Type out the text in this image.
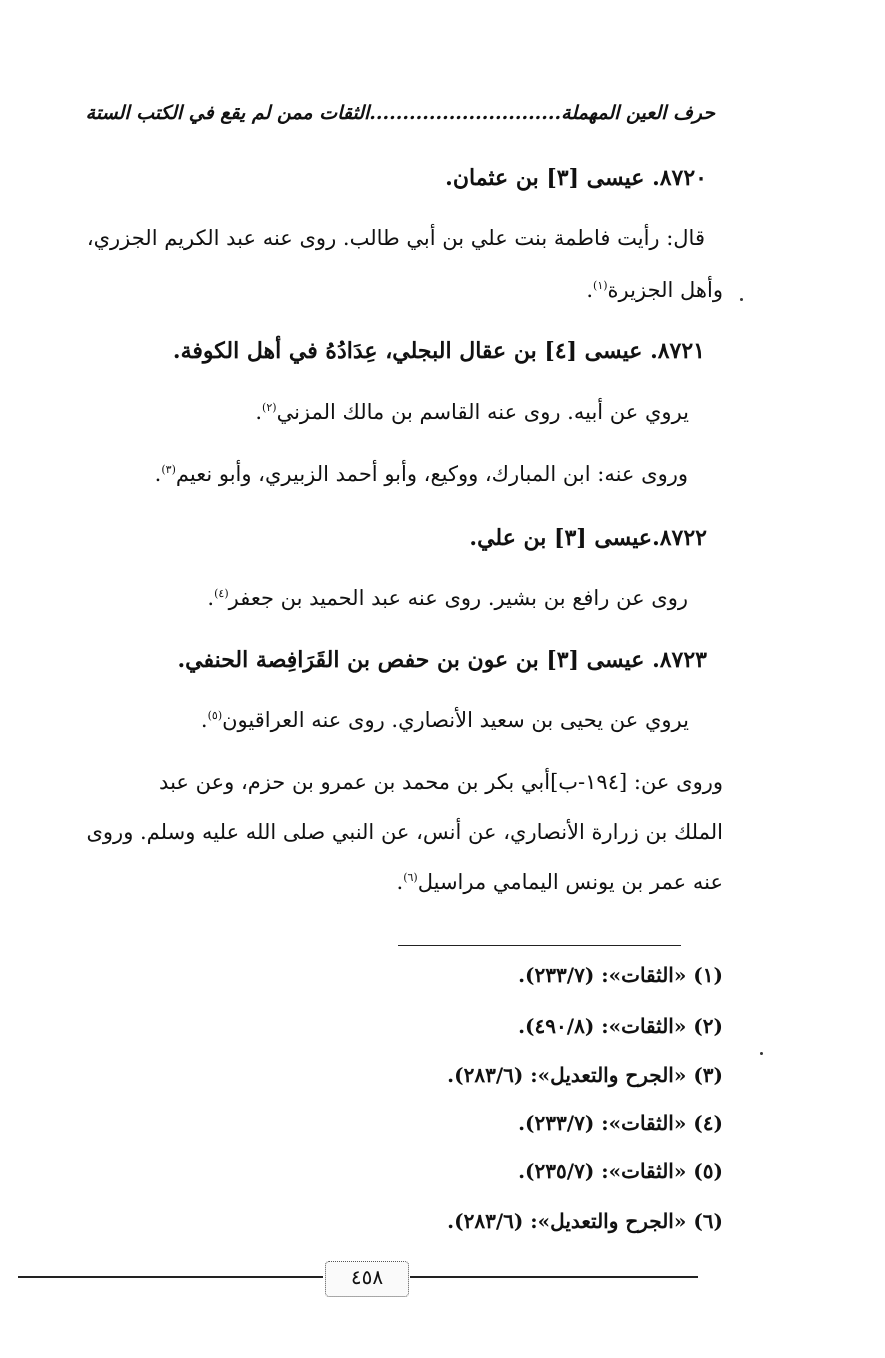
حرف العين المهملة.............................الثقات ممن لم يقع في الكتب الستة
٨٧٢٠. عيسى [٣] بن عثمان.
قال: رأيت فاطمة بنت علي بن أبي طالب. روى عنه عبد الكريم الجزري،
وأهل الجزيرة$^{(١)}$.
٨٧٢١. عيسى [٤] بن عقال البجلي، عِدَادُهُ في أهل الكوفة.
يروي عن أبيه. روى عنه القاسم بن مالك المزني$^{(٢)}$.
وروى عنه: ابن المبارك، ووكيع، وأبو أحمد الزبيري، وأبو نعيم$^{(٣)}$.
٨٧٢٢.عيسى [٣] بن علي.
روى عن رافع بن بشير. روى عنه عبد الحميد بن جعفر$^{(٤)}$.
٨٧٢٣. عيسى [٣] بن عون بن حفص بن القَرَافِصة الحنفي.
يروي عن يحيى بن سعيد الأنصاري. روى عنه العراقيون$^{(٥)}$.
وروى عن: [١٩٤-ب]أبي بكر بن محمد بن عمرو بن حزم، وعن عبد
الملك بن زرارة الأنصاري، عن أنس، عن النبي صلى الله عليه وسلم. وروى
عنه عمر بن يونس اليمامي مراسيل$^{(٦)}$.
(١) «الثقات»: (٢٣٣/٧).
(٢) «الثقات»: (٤٩٠/٨).
(٣) «الجرح والتعديل»: (٢٨٣/٦).
(٤) «الثقات»: (٢٣٣/٧).
(٥) «الثقات»: (٢٣٥/٧).
(٦) «الجرح والتعديل»: (٢٨٣/٦).
٤٥٨
